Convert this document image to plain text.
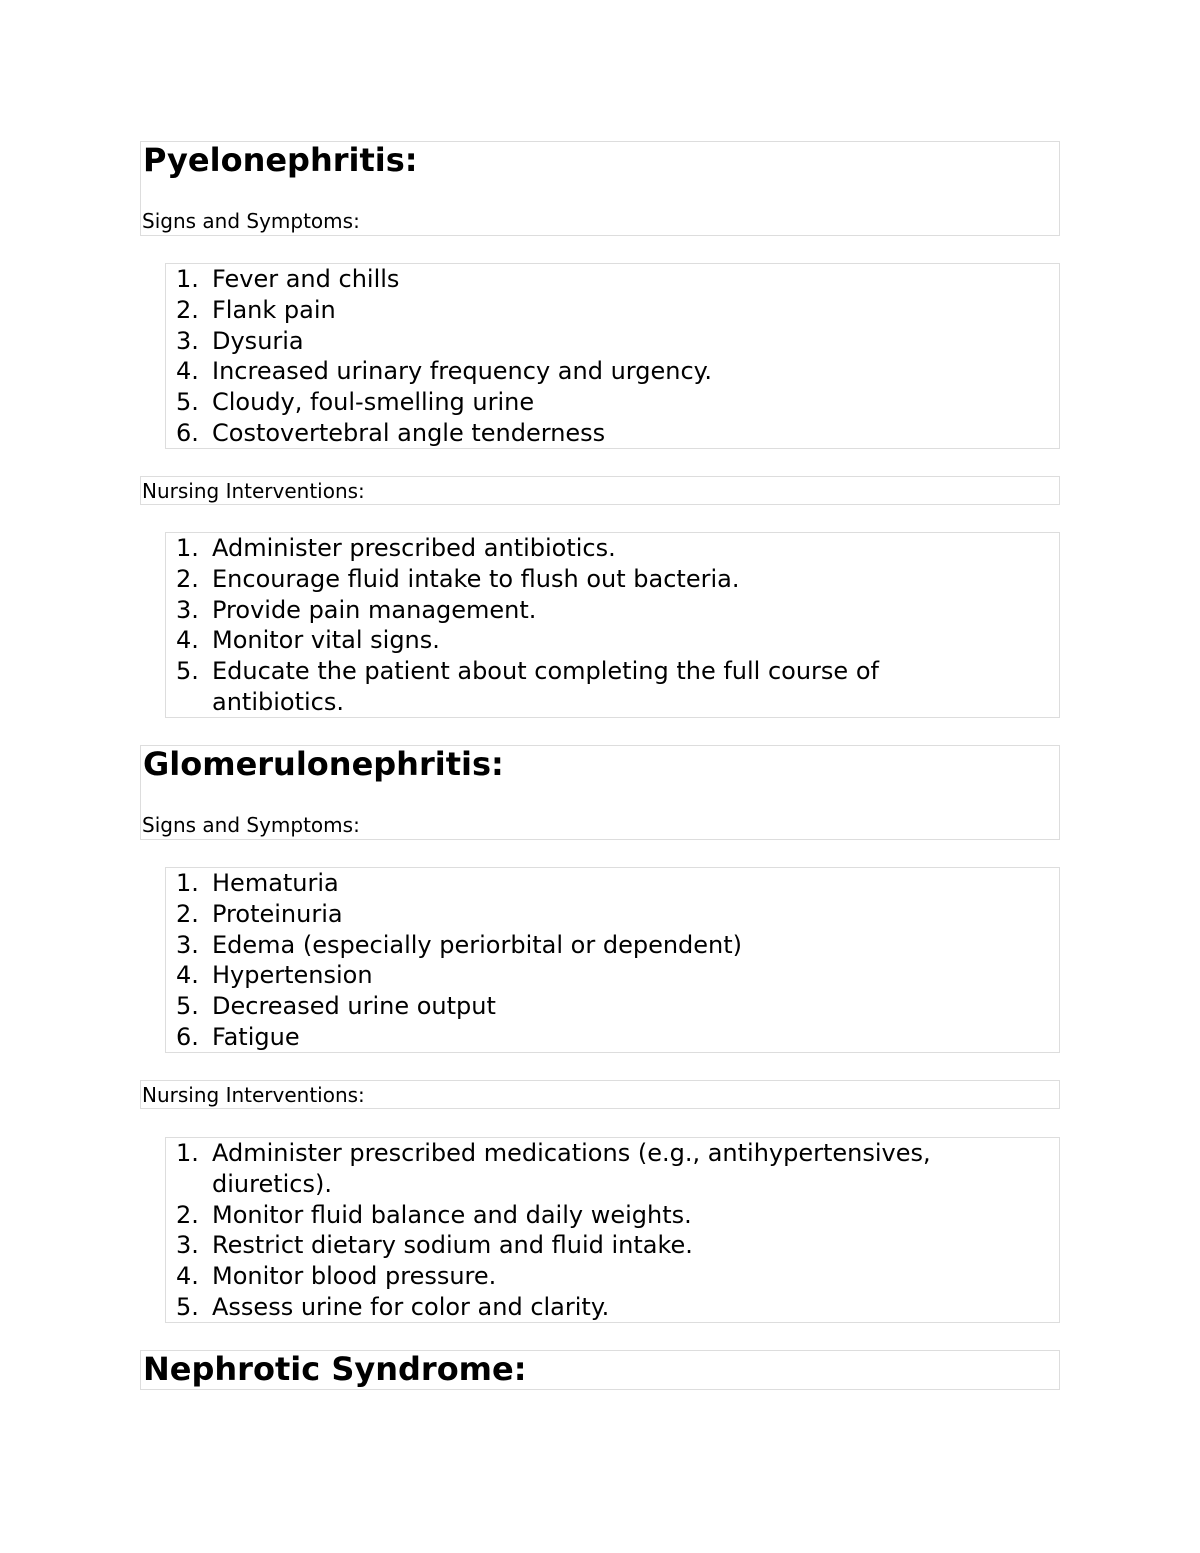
Pyelonephritis:

Signs and Symptoms:

1. Fever and chills
2. Flank pain
3. Dysuria
4. Increased urinary frequency and urgency.
5. Cloudy, foul-smelling urine
6. Costovertebral angle tenderness

Nursing Interventions:

1. Administer prescribed antibiotics.
2. Encourage fluid intake to flush out bacteria.
3. Provide pain management.
4. Monitor vital signs.
5. Educate the patient about completing the full course of antibiotics.
Glomerulonephritis:

Signs and Symptoms:

1. Hematuria
2. Proteinuria
3. Edema (especially periorbital or dependent)
4. Hypertension
5. Decreased urine output
6. Fatigue

Nursing Interventions:

1. Administer prescribed medications (e.g., antihypertensives, diuretics).
2. Monitor fluid balance and daily weights.
3. Restrict dietary sodium and fluid intake.
4. Monitor blood pressure.
5. Assess urine for color and clarity.
Nephrotic Syndrome:
